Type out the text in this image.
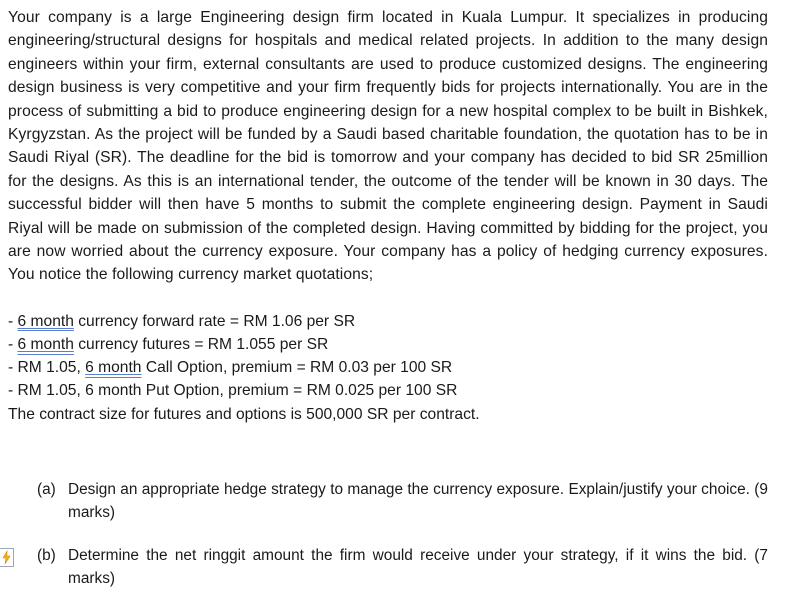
Your company is a large Engineering design firm located in Kuala Lumpur. It specializes in producing engineering/structural designs for hospitals and medical related projects. In addition to the many design engineers within your firm, external consultants are used to produce customized designs. The engineering design business is very competitive and your firm frequently bids for projects internationally. You are in the process of submitting a bid to produce engineering design for a new hospital complex to be built in Bishkek, Kyrgyzstan. As the project will be funded by a Saudi based charitable foundation, the quotation has to be in Saudi Riyal (SR). The deadline for the bid is tomorrow and your company has decided to bid SR 25million for the designs. As this is an international tender, the outcome of the tender will be known in 30 days. The successful bidder will then have 5 months to submit the complete engineering design. Payment in Saudi Riyal will be made on submission of the completed design. Having committed by bidding for the project, you are now worried about the currency exposure. Your company has a policy of hedging currency exposures. You notice the following currency market quotations;

- 6 month currency forward rate = RM 1.06 per SR
- 6 month currency futures = RM 1.055 per SR
- RM 1.05, 6 month Call Option, premium = RM 0.03 per 100 SR
- RM 1.05, 6 month Put Option, premium = RM 0.025 per 100 SR
The contract size for futures and options is 500,000 SR per contract.
(a) Design an appropriate hedge strategy to manage the currency exposure. Explain/justify your choice. (9 marks)
(b) Determine the net ringgit amount the firm would receive under your strategy, if it wins the bid. (7 marks)
